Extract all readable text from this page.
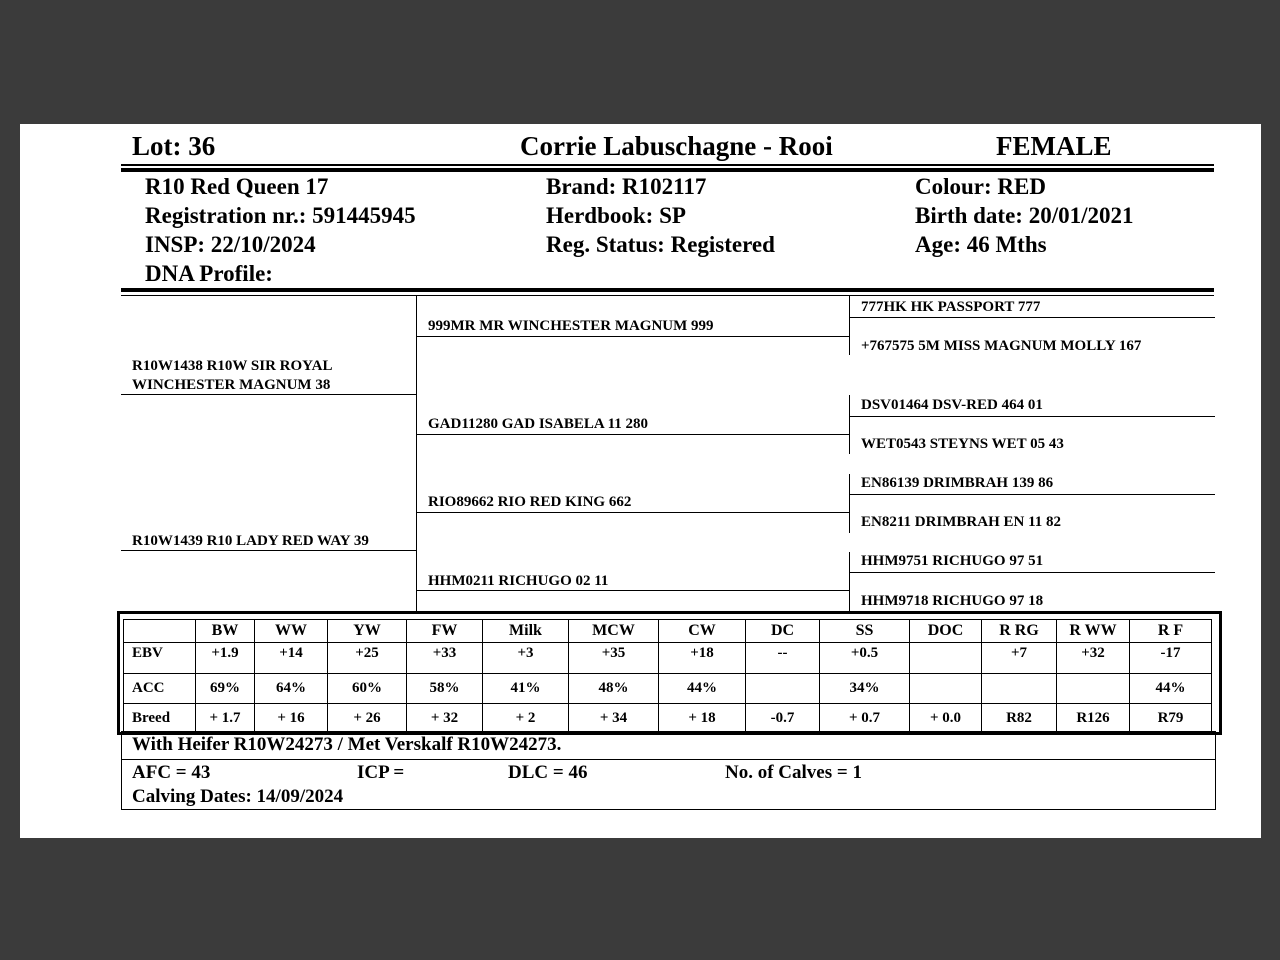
Lot: 36	Corrie Labuschagne - Rooi	FEMALE
R10 Red Queen 17
Registration nr.: 591445945
INSP: 22/10/2024
DNA Profile:
Brand: R102117
Herdbook: SP
Reg. Status: Registered
Colour: RED
Birth date: 20/01/2021
Age: 46 Mths
R10W1438 R10W SIR ROYAL
WINCHESTER MAGNUM 38
R10W1439 R10 LADY RED WAY 39
999MR MR WINCHESTER MAGNUM 999
GAD11280 GAD ISABELA 11 280
RIO89662 RIO RED KING 662
HHM0211 RICHUGO 02 11
777HK HK PASSPORT 777
+767575 5M MISS MAGNUM MOLLY 167
DSV01464 DSV-RED 464 01
WET0543 STEYNS WET 05 43
EN86139 DRIMBRAH 139 86
EN8211 DRIMBRAH EN 11 82
HHM9751 RICHUGO 97 51
HHM9718 RICHUGO 97 18
	BW	WW	YW	FW	Milk	MCW	CW	DC	SS	DOC	R RG	R WW	R F
EBV	+1.9	+14	+25	+33	+3	+35	+18	--	+0.5		+7	+32	-17
ACC	69%	64%	60%	58%	41%	48%	44%		34%				44%
Breed	+ 1.7	+ 16	+ 26	+ 32	+ 2	+ 34	+ 18	-0.7	+ 0.7	+ 0.0	R82	R126	R79
With Heifer R10W24273 / Met Verskalf R10W24273.
AFC = 43	ICP =	DLC = 46	No. of Calves = 1
Calving Dates: 14/09/2024
